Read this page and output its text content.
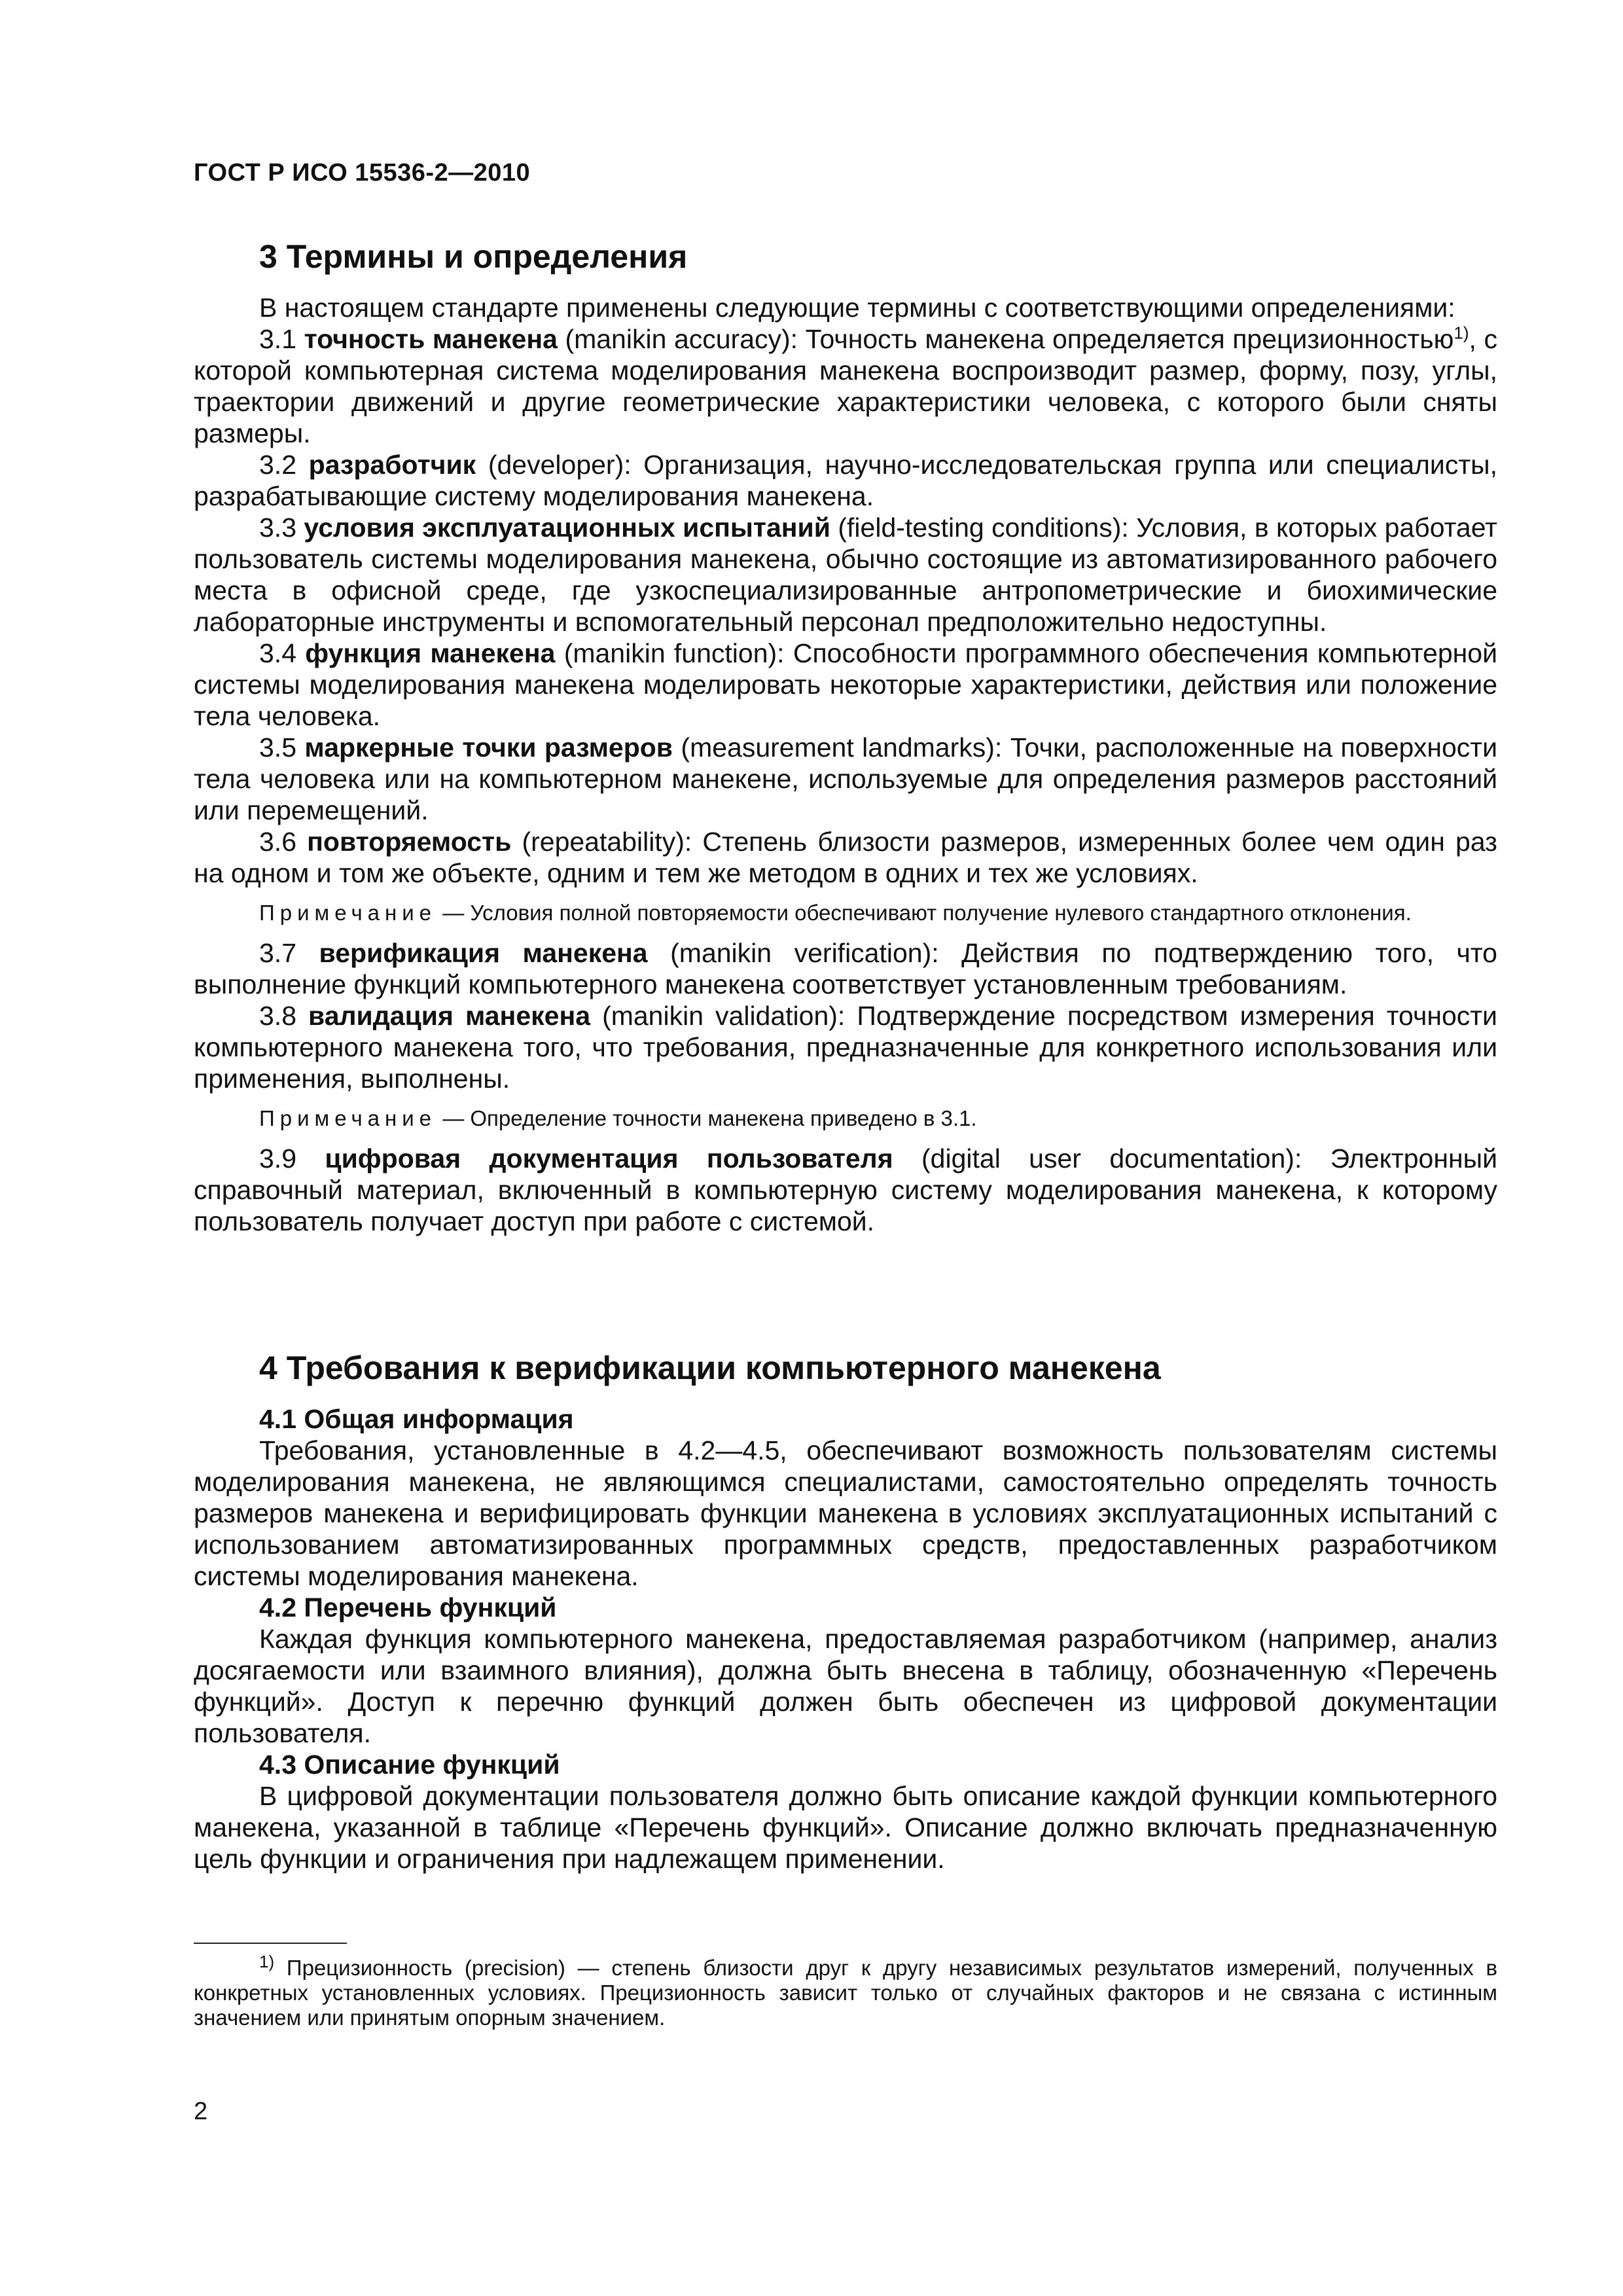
ГОСТ Р ИСО 15536-2—2010

3 Термины и определения

В настоящем стандарте применены следующие термины с соответствующими определениями:

3.1 точность манекена (manikin accuracy): Точность манекена определяется прецизионностью$^{1)}$, с которой компьютерная система моделирования манекена воспроизводит размер, форму, позу, углы, траектории движений и другие геометрические характеристики человека, с которого были сняты размеры.

3.2 разработчик (developer): Организация, научно-исследовательская группа или специалисты, разрабатывающие систему моделирования манекена.

3.3 условия эксплуатационных испытаний (field-testing conditions): Условия, в которых работает пользователь системы моделирования манекена, обычно состоящие из автоматизированного рабочего места в офисной среде, где узкоспециализированные антропометрические и биохимические лабораторные инструменты и вспомогательный персонал предположительно недоступны.

3.4 функция манекена (manikin function): Способности программного обеспечения компьютерной системы моделирования манекена моделировать некоторые характеристики, действия или положение тела человека.

3.5 маркерные точки размеров (measurement landmarks): Точки, расположенные на поверхности тела человека или на компьютерном манекене, используемые для определения размеров расстояний или перемещений.

3.6 повторяемость (repeatability): Степень близости размеров, измеренных более чем один раз на одном и том же объекте, одним и тем же методом в одних и тех же условиях.

Примечание — Условия полной повторяемости обеспечивают получение нулевого стандартного отклонения.

3.7 верификация манекена (manikin verification): Действия по подтверждению того, что выполнение функций компьютерного манекена соответствует установленным требованиям.

3.8 валидация манекена (manikin validation): Подтверждение посредством измерения точности компьютерного манекена того, что требования, предназначенные для конкретного использования или применения, выполнены.

Примечание — Определение точности манекена приведено в 3.1.

3.9 цифровая документация пользователя (digital user documentation): Электронный справочный материал, включенный в компьютерную систему моделирования манекена, к которому пользователь получает доступ при работе с системой.

4 Требования к верификации компьютерного манекена

4.1 Общая информация

Требования, установленные в 4.2—4.5, обеспечивают возможность пользователям системы моделирования манекена, не являющимся специалистами, самостоятельно определять точность размеров манекена и верифицировать функции манекена в условиях эксплуатационных испытаний с использованием автоматизированных программных средств, предоставленных разработчиком системы моделирования манекена.

4.2 Перечень функций

Каждая функция компьютерного манекена, предоставляемая разработчиком (например, анализ досягаемости или взаимного влияния), должна быть внесена в таблицу, обозначенную «Перечень функций». Доступ к перечню функций должен быть обеспечен из цифровой документации пользователя.

4.3 Описание функций

В цифровой документации пользователя должно быть описание каждой функции компьютерного манекена, указанной в таблице «Перечень функций». Описание должно включать предназначенную цель функции и ограничения при надлежащем применении.

$^{1)}$ Прецизионность (precision) — степень близости друг к другу независимых результатов измерений, полученных в конкретных установленных условиях. Прецизионность зависит только от случайных факторов и не связана с истинным значением или принятым опорным значением.

2
